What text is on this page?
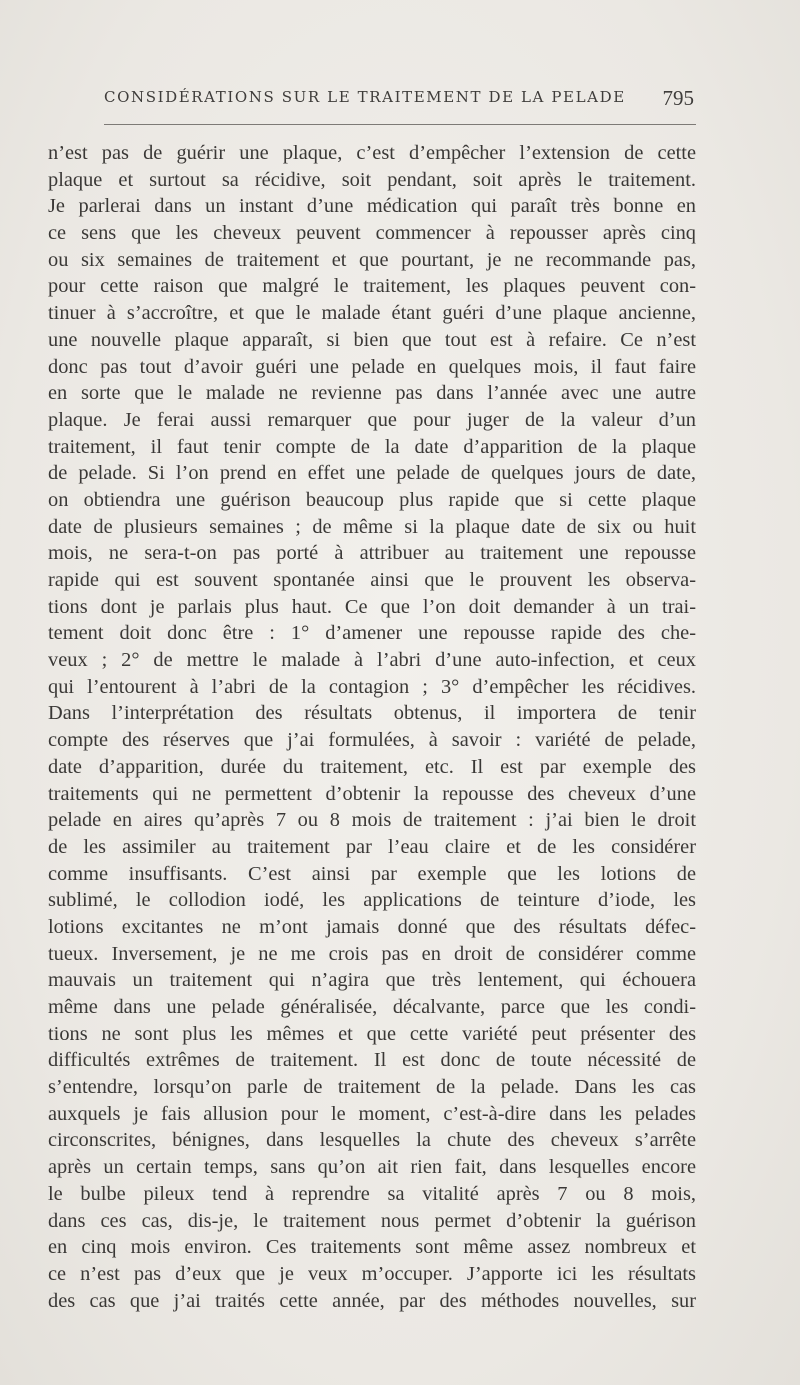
CONSIDÉRATIONS SUR LE TRAITEMENT DE LA PELADE 795
n’est pas de guérir une plaque, c’est d’empêcher l’extension de cette
plaque et surtout sa récidive, soit pendant, soit après le traitement.
Je parlerai dans un instant d’une médication qui paraît très bonne en
ce sens que les cheveux peuvent commencer à repousser après cinq
ou six semaines de traitement et que pourtant, je ne recommande pas,
pour cette raison que malgré le traitement, les plaques peuvent con-
tinuer à s’accroître, et que le malade étant guéri d’une plaque ancienne,
une nouvelle plaque apparaît, si bien que tout est à refaire. Ce n’est
donc pas tout d’avoir guéri une pelade en quelques mois, il faut faire
en sorte que le malade ne revienne pas dans l’année avec une autre
plaque. Je ferai aussi remarquer que pour juger de la valeur d’un
traitement, il faut tenir compte de la date d’apparition de la plaque
de pelade. Si l’on prend en effet une pelade de quelques jours de date,
on obtiendra une guérison beaucoup plus rapide que si cette plaque
date de plusieurs semaines ; de même si la plaque date de six ou huit
mois, ne sera-t-on pas porté à attribuer au traitement une repousse
rapide qui est souvent spontanée ainsi que le prouvent les observa-
tions dont je parlais plus haut. Ce que l’on doit demander à un trai-
tement doit donc être : 1° d’amener une repousse rapide des che-
veux ; 2° de mettre le malade à l’abri d’une auto-infection, et ceux
qui l’entourent à l’abri de la contagion ; 3° d’empêcher les récidives.
Dans l’interprétation des résultats obtenus, il importera de tenir
compte des réserves que j’ai formulées, à savoir : variété de pelade,
date d’apparition, durée du traitement, etc. Il est par exemple des
traitements qui ne permettent d’obtenir la repousse des cheveux d’une
pelade en aires qu’après 7 ou 8 mois de traitement : j’ai bien le droit
de les assimiler au traitement par l’eau claire et de les considérer
comme insuffisants. C’est ainsi par exemple que les lotions de
sublimé, le collodion iodé, les applications de teinture d’iode, les
lotions excitantes ne m’ont jamais donné que des résultats défec-
tueux. Inversement, je ne me crois pas en droit de considérer comme
mauvais un traitement qui n’agira que très lentement, qui échouera
même dans une pelade généralisée, décalvante, parce que les condi-
tions ne sont plus les mêmes et que cette variété peut présenter des
difficultés extrêmes de traitement. Il est donc de toute nécessité de
s’entendre, lorsqu’on parle de traitement de la pelade. Dans les cas
auxquels je fais allusion pour le moment, c’est-à-dire dans les pelades
circonscrites, bénignes, dans lesquelles la chute des cheveux s’arrête
après un certain temps, sans qu’on ait rien fait, dans lesquelles encore
le bulbe pileux tend à reprendre sa vitalité après 7 ou 8 mois,
dans ces cas, dis-je, le traitement nous permet d’obtenir la guérison
en cinq mois environ. Ces traitements sont même assez nombreux et
ce n’est pas d’eux que je veux m’occuper. J’apporte ici les résultats
des cas que j’ai traités cette année, par des méthodes nouvelles, sur
